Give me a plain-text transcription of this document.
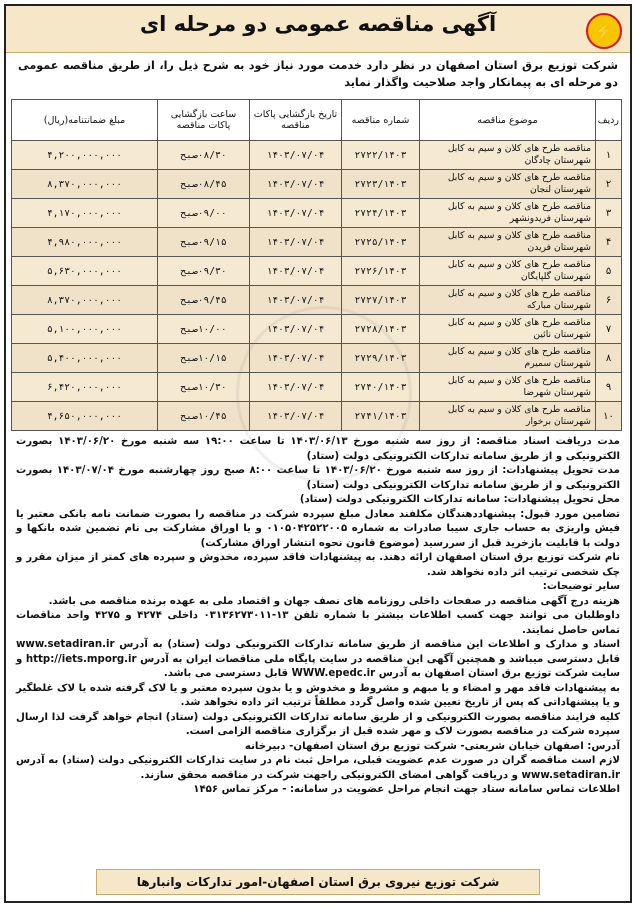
⚡
آگهی مناقصه عمومی دو مرحله ای
شرکت توزیع برق استان اصفهان در نظر دارد خدمت مورد نیاز خود به شرح ذیل را، از طریق مناقصه عمومی دو مرحله ای به پیمانکار واجد صلاحیت واگذار نماید
ردیف	موضوع مناقصه	شماره مناقصه	تاریخ بازگشایی پاکات مناقصه	ساعت بازگشایی پاکات مناقصه	مبلغ ضمانتنامه(ریال)
۱	مناقصه طرح های کلان و سیم به کابل شهرستان چادگان	۲۷۲۲/۱۴۰۳	۱۴۰۳/۰۷/۰۴	۰۸/۳۰صبح	۴,۲۰۰,۰۰۰,۰۰۰
۲	مناقصه طرح های کلان و سیم به کابل شهرستان لنجان	۲۷۲۳/۱۴۰۳	۱۴۰۳/۰۷/۰۴	۰۸/۴۵صبح	۸,۳۷۰,۰۰۰,۰۰۰
۳	مناقصه طرح های کلان و سیم به کابل شهرستان فریدونشهر	۲۷۲۴/۱۴۰۳	۱۴۰۳/۰۷/۰۴	۰۹/۰۰صبح	۴,۱۷۰,۰۰۰,۰۰۰
۴	مناقصه طرح های کلان و سیم به کابل شهرستان فریدن	۲۷۲۵/۱۴۰۳	۱۴۰۳/۰۷/۰۴	۰۹/۱۵صبح	۴,۹۸۰,۰۰۰,۰۰۰
۵	مناقصه طرح های کلان و سیم به کابل شهرستان گلپایگان	۲۷۲۶/۱۴۰۳	۱۴۰۳/۰۷/۰۴	۰۹/۳۰صبح	۵,۶۳۰,۰۰۰,۰۰۰
۶	مناقصه طرح های کلان و سیم به کابل شهرستان مبارکه	۲۷۲۷/۱۴۰۳	۱۴۰۳/۰۷/۰۴	۰۹/۴۵صبح	۸,۳۷۰,۰۰۰,۰۰۰
۷	مناقصه طرح های کلان و سیم به کابل شهرستان نائین	۲۷۲۸/۱۴۰۳	۱۴۰۳/۰۷/۰۴	۱۰/۰۰صبح	۵,۱۰۰,۰۰۰,۰۰۰
۸	مناقصه طرح های کلان و سیم به کابل شهرستان سمیرم	۲۷۲۹/۱۴۰۳	۱۴۰۳/۰۷/۰۴	۱۰/۱۵صبح	۵,۴۰۰,۰۰۰,۰۰۰
۹	مناقصه طرح های کلان و سیم به کابل شهرستان شهرضا	۲۷۴۰/۱۴۰۳	۱۴۰۳/۰۷/۰۴	۱۰/۳۰صبح	۶,۴۲۰,۰۰۰,۰۰۰
۱۰	مناقصه طرح های کلان و سیم به کابل شهرستان برخوار	۲۷۴۱/۱۴۰۳	۱۴۰۳/۰۷/۰۴	۱۰/۴۵صبح	۴,۶۵۰,۰۰۰,۰۰۰

مدت دریافت اسناد مناقصه: از روز سه شنبه مورخ ۱۴۰۳/۰۶/۱۳ تا ساعت ۱۹:۰۰ سه شنبه مورخ ۱۴۰۳/۰۶/۲۰ بصورت الکترونیکی و از طریق سامانه تدارکات الکترونیکی دولت (ستاد)

مدت تحویل پیشنهادات: از روز سه شنبه مورخ ۱۴۰۳/۰۶/۲۰ تا ساعت ۸:۰۰ صبح روز چهارشنبه مورخ ۱۴۰۳/۰۷/۰۴ بصورت الکترونیکی و از طریق سامانه تدارکات الکترونیکی دولت (ستاد)

محل تحویل پیشنهادات: سامانه تدارکات الکترونیکی دولت (ستاد)

تضامین مورد قبول: پیشنهاددهندگان مکلفند معادل مبلغ سپرده شرکت در مناقصه را بصورت ضمانت نامه بانکی معتبر یا فیش واریزی به حساب جاری سیبا صادرات به شماره ۰۱۰۵۰۴۲۵۲۲۰۰۵ و یا اوراق مشارکت بی نام تضمین شده بانکها و دولت با قابلیت بازخرید قبل از سررسید (موضوع قانون نحوه انتشار اوراق مشارکت)

نام شرکت توزیع برق استان اصفهان ارائه دهند. به پیشنهادات فاقد سپرده، مخدوش و سپرده های کمتر از میزان مقرر و چک شخصی ترتیب اثر داده نخواهد شد.

سایر توضیحات:

هزینه درج آگهی مناقصه در صفحات داخلی روزنامه های نصف جهان و اقتصاد ملی به عهده برنده مناقصه می باشد.

داوطلبان می توانند جهت کسب اطلاعات بیشتر با شماره تلفن ۱۳-۰۳۱۳۶۲۷۳۰۱۱ داخلی ۴۲۷۴ و ۴۲۷۵ واحد مناقصات تماس حاصل نمایند.

اسناد و مدارک و اطلاعات این مناقصه از طریق سامانه تدارکات الکترونیکی دولت (ستاد) به آدرس www.setadiran.ir قابل دسترسی میباشد و همچنین آگهی این مناقصه در سایت پایگاه ملی مناقصات ایران به آدرس http://iets.mporg.ir و سایت شرکت توزیع برق استان اصفهان به آدرس WWW.epedc.ir قابل دسترسی می باشد.

به پیشنهادات فاقد مهر و امضاء و یا مبهم و مشروط و مخدوش و یا بدون سپرده معتبر و یا لاک گرفته شده یا لاک غلطگیر و یا پیشنهاداتی که پس از تاریخ تعیین شده واصل گردد مطلقاً ترتیب اثر داده نخواهد شد.

کلیه فرایند مناقصه بصورت الکترونیکی و از طریق سامانه تدارکات الکترونیکی دولت (ستاد) انجام خواهد گرفت لذا ارسال سپرده شرکت در مناقصه بصورت لاک و مهر شده قبل از برگزاری مناقصه الزامی است.

آدرس: اصفهان خیابان شریعتی- شرکت توزیع برق استان اصفهان- دبیرخانه

لازم است مناقصه گران در صورت عدم عضویت قبلی، مراحل ثبت نام در سایت تدارکات الکترونیکی دولت (ستاد) به آدرس www.setadiran.ir و دریافت گواهی امضای الکترونیکی راجهت شرکت در مناقصه محقق سازند.

اطلاعات تماس سامانه ستاد جهت انجام مراحل عضویت در سامانه: - مرکز تماس ۱۴۵۶

شرکت توزیع نیروی برق استان اصفهان-امور تدارکات وانبارها
